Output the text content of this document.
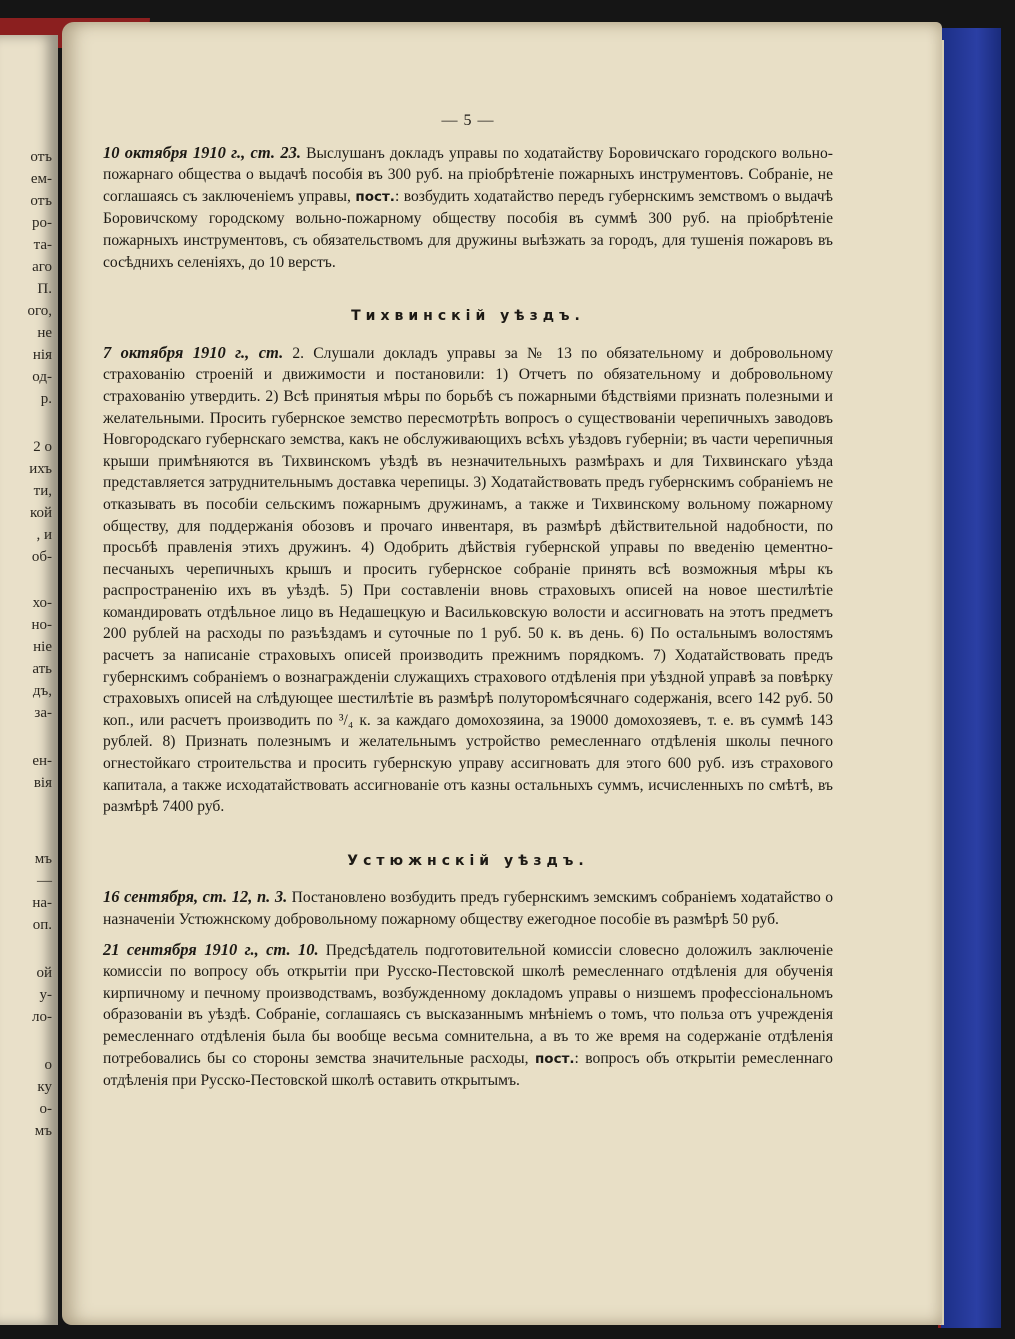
отъ
ем-
отъ
ро-
та-
аго
П.
ого,
не
нія
од-
р.
2 о
ихъ
ти,
кой
, и
об-
хо-
но-
ніе
ать
дъ,
за-
ен-
вія
мъ
—
на-
оп.
ой
у-
ло-
о
ку
о-
мъ
— 5 —

10 октября 1910 г., ст. 23. Выслушанъ докладъ управы по ходатайству Боровичскаго городского вольно-пожарнаго общества о выдачѣ пособія въ 300 руб. на пріобрѣтеніе пожарныхъ инструментовъ. Собраніе, не соглашаясь съ заключеніемъ управы, пост.: возбудить ходатайство передъ губернскимъ земствомъ о выдачѣ Боровичскому городскому вольно-пожарному обществу пособія въ суммѣ 300 руб. на пріобрѣтеніе пожарныхъ инструментовъ, съ обязательствомъ для дружины выѣзжать за городъ, для тушенія пожаровъ въ сосѣднихъ селеніяхъ, до 10 верстъ.

Тихвинскій уѣздъ.

7 октября 1910 г., ст. 2. Слушали докладъ управы за № 13 по обязательному и добровольному страхованію строеній и движимости и постановили: 1) Отчетъ по обязательному и добровольному страхованію утвердить. 2) Всѣ принятыя мѣры по борьбѣ съ пожарными бѣдствіями признать полезными и желательными. Просить губернское земство пересмотрѣть вопросъ о существованіи черепичныхъ заводовъ Новгородскаго губернскаго земства, какъ не обслуживающихъ всѣхъ уѣздовъ губерніи; въ части черепичныя крыши примѣняются въ Тихвинскомъ уѣздѣ въ незначительныхъ размѣрахъ и для Тихвинскаго уѣзда представляется затруднительнымъ доставка черепицы. 3) Ходатайствовать предъ губернскимъ собраніемъ не отказывать въ пособіи сельскимъ пожарнымъ дружинамъ, а также и Тихвинскому вольному пожарному обществу, для поддержанія обозовъ и прочаго инвентаря, въ размѣрѣ дѣйствительной надобности, по просьбѣ правленія этихъ дружинъ. 4) Одобрить дѣйствія губернской управы по введенію цементно-песчаныхъ черепичныхъ крышъ и просить губернское собраніе принять всѣ возможныя мѣры къ распространенію ихъ въ уѣздѣ. 5) При составленіи вновь страховыхъ описей на новое шестилѣтіе командировать отдѣльное лицо въ Недашецкую и Васильковскую волости и ассигновать на этотъ предметъ 200 рублей на расходы по разъѣздамъ и суточные по 1 руб. 50 к. въ день. 6) По остальнымъ волостямъ расчетъ за написаніе страховыхъ описей производить прежнимъ порядкомъ. 7) Ходатайствовать предъ губернскимъ собраніемъ о вознагражденіи служащихъ страхового отдѣленія при уѣздной управѣ за повѣрку страховыхъ описей на слѣдующее шестилѣтіе въ размѣрѣ полуторомѣсячнаго содержанія, всего 142 руб. 50 коп., или расчетъ производить по ³/₄ к. за каждаго домохозяина, за 19000 домохозяевъ, т. е. въ суммѣ 143 рублей. 8) Признать полезнымъ и желательнымъ устройство ремесленнаго отдѣленія школы печного огнестойкаго строительства и просить губернскую управу ассигновать для этого 600 руб. изъ страхового капитала, а также исходатайствовать ассигнованіе отъ казны остальныхъ суммъ, исчисленныхъ по смѣтѣ, въ размѣрѣ 7400 руб.

Устюжнскій уѣздъ.

16 сентября, ст. 12, п. 3. Постановлено возбудить предъ губернскимъ земскимъ собраніемъ ходатайство о назначеніи Устюжнскому добровольному пожарному обществу ежегодное пособіе въ размѣрѣ 50 руб.

21 сентября 1910 г., ст. 10. Предсѣдатель подготовительной комиссіи словесно доложилъ заключеніе комиссіи по вопросу объ открытіи при Русско-Пестовской школѣ ремесленнаго отдѣленія для обученія кирпичному и печному производствамъ, возбужденному докладомъ управы о низшемъ профессіональномъ образованіи въ уѣздѣ. Собраніе, соглашаясь съ высказаннымъ мнѣніемъ о томъ, что польза отъ учрежденія ремесленнаго отдѣленія была бы вообще весьма сомнительна, а въ то же время на содержаніе отдѣленія потребовались бы со стороны земства значительные расходы, пост.: вопросъ объ открытіи ремесленнаго отдѣленія при Русско-Пестовской школѣ оставить открытымъ.
